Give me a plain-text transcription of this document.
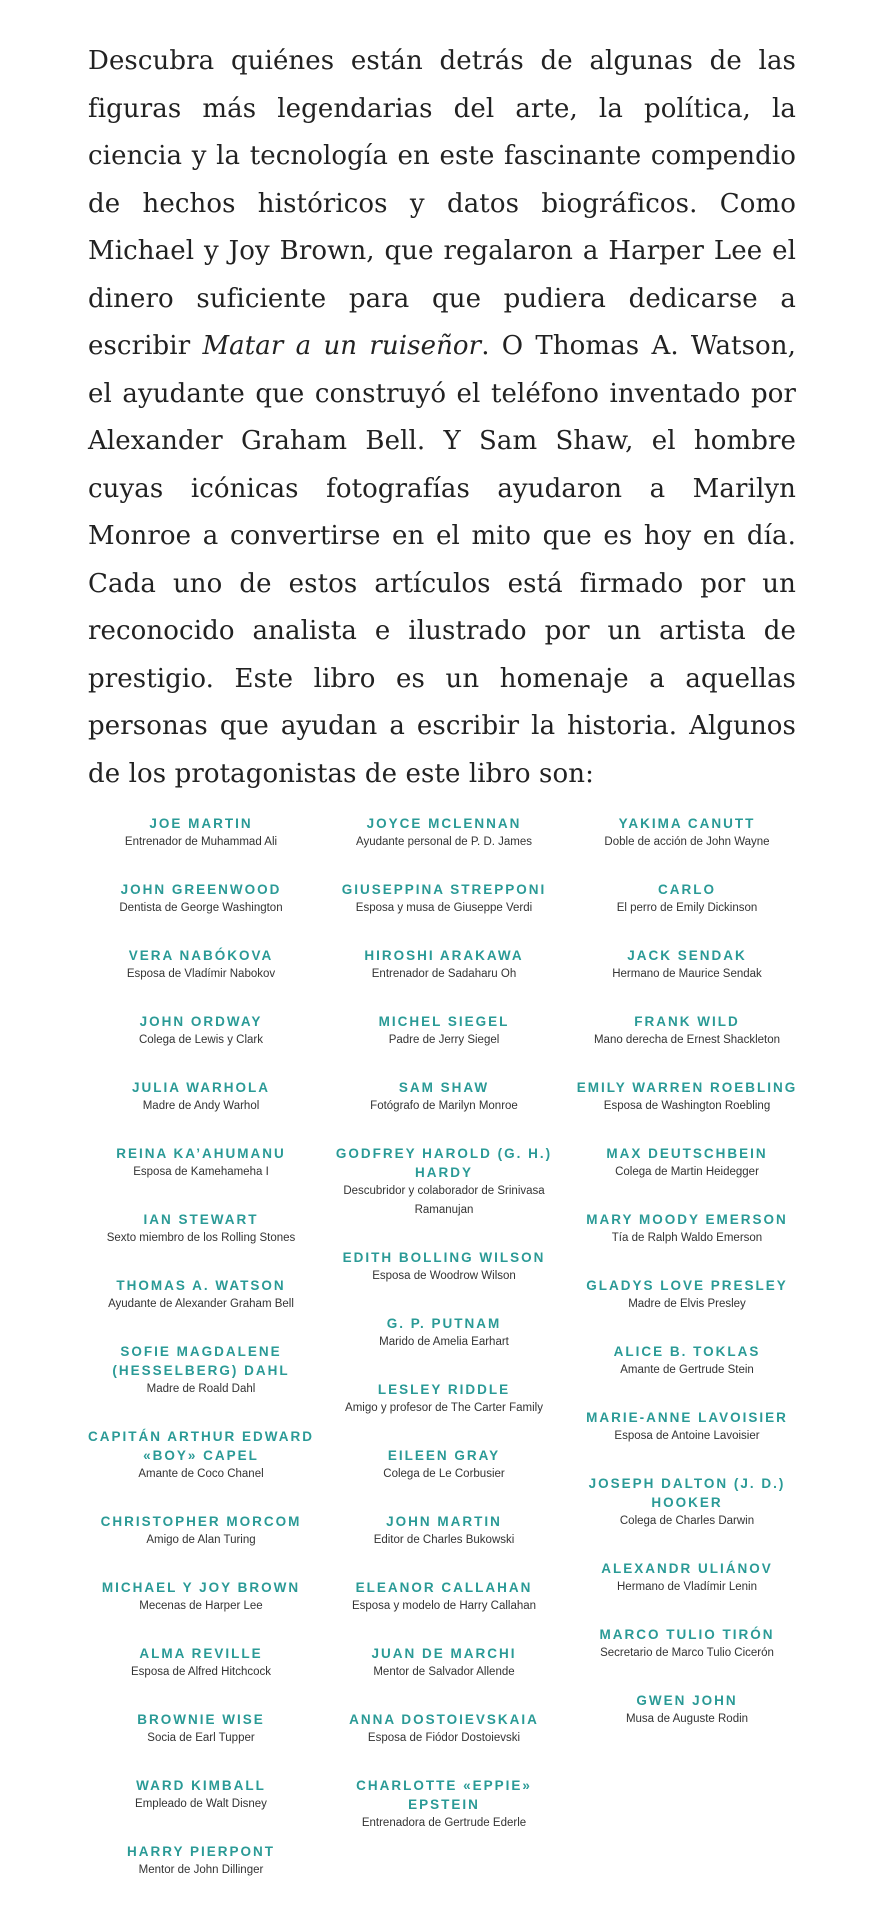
Descubra quiénes están detrás de algunas de las figuras más legendarias del arte, la política, la ciencia y la tecnología en este fascinante compendio de hechos históricos y datos biográficos. Como Michael y Joy Brown, que regalaron a Harper Lee el dinero suficiente para que pudiera dedicarse a escribir Matar a un ruiseñor. O Thomas A. Watson, el ayudante que construyó el teléfono inventado por Alexander Graham Bell. Y Sam Shaw, el hombre cuyas icónicas fotografías ayudaron a Marilyn Monroe a convertirse en el mito que es hoy en día. Cada uno de estos artículos está firmado por un reconocido analista e ilustrado por un artista de prestigio. Este libro es un homenaje a aquellas personas que ayudan a escribir la historia. Algunos de los protagonistas de este libro son:

JOE MARTIN
Entrenador de Muhammad Ali
JOHN GREENWOOD
Dentista de George Washington
VERA NABÓKOVA
Esposa de Vladímir Nabokov
JOHN ORDWAY
Colega de Lewis y Clark
JULIA WARHOLA
Madre de Andy Warhol
REINA KA’AHUMANU
Esposa de Kamehameha I
IAN STEWART
Sexto miembro de los Rolling Stones
THOMAS A. WATSON
Ayudante de Alexander Graham Bell
SOFIE MAGDALENE (HESSELBERG) DAHL
Madre de Roald Dahl
CAPITÁN ARTHUR EDWARD «BOY» CAPEL
Amante de Coco Chanel
CHRISTOPHER MORCOM
Amigo de Alan Turing
MICHAEL Y JOY BROWN
Mecenas de Harper Lee
ALMA REVILLE
Esposa de Alfred Hitchcock
BROWNIE WISE
Socia de Earl Tupper
WARD KIMBALL
Empleado de Walt Disney
HARRY PIERPONT
Mentor de John Dillinger
JOYCE MCLENNAN
Ayudante personal de P. D. James
GIUSEPPINA STREPPONI
Esposa y musa de Giuseppe Verdi
HIROSHI ARAKAWA
Entrenador de Sadaharu Oh
MICHEL SIEGEL
Padre de Jerry Siegel
SAM SHAW
Fotógrafo de Marilyn Monroe
GODFREY HAROLD (G. H.) HARDY
Descubridor y colaborador de Srinivasa Ramanujan
EDITH BOLLING WILSON
Esposa de Woodrow Wilson
G. P. PUTNAM
Marido de Amelia Earhart
LESLEY RIDDLE
Amigo y profesor de The Carter Family
EILEEN GRAY
Colega de Le Corbusier
JOHN MARTIN
Editor de Charles Bukowski
ELEANOR CALLAHAN
Esposa y modelo de Harry Callahan
JUAN DE MARCHI
Mentor de Salvador Allende
ANNA DOSTOIEVSKAIA
Esposa de Fiódor Dostoievski
CHARLOTTE «EPPIE» EPSTEIN
Entrenadora de Gertrude Ederle
YAKIMA CANUTT
Doble de acción de John Wayne
CARLO
El perro de Emily Dickinson
JACK SENDAK
Hermano de Maurice Sendak
FRANK WILD
Mano derecha de Ernest Shackleton
EMILY WARREN ROEBLING
Esposa de Washington Roebling
MAX DEUTSCHBEIN
Colega de Martin Heidegger
MARY MOODY EMERSON
Tía de Ralph Waldo Emerson
GLADYS LOVE PRESLEY
Madre de Elvis Presley
ALICE B. TOKLAS
Amante de Gertrude Stein
MARIE-ANNE LAVOISIER
Esposa de Antoine Lavoisier
JOSEPH DALTON (J. D.) HOOKER
Colega de Charles Darwin
ALEXANDR ULIÁNOV
Hermano de Vladímir Lenin
MARCO TULIO TIRÓN
Secretario de Marco Tulio Cicerón
GWEN JOHN
Musa de Auguste Rodin
